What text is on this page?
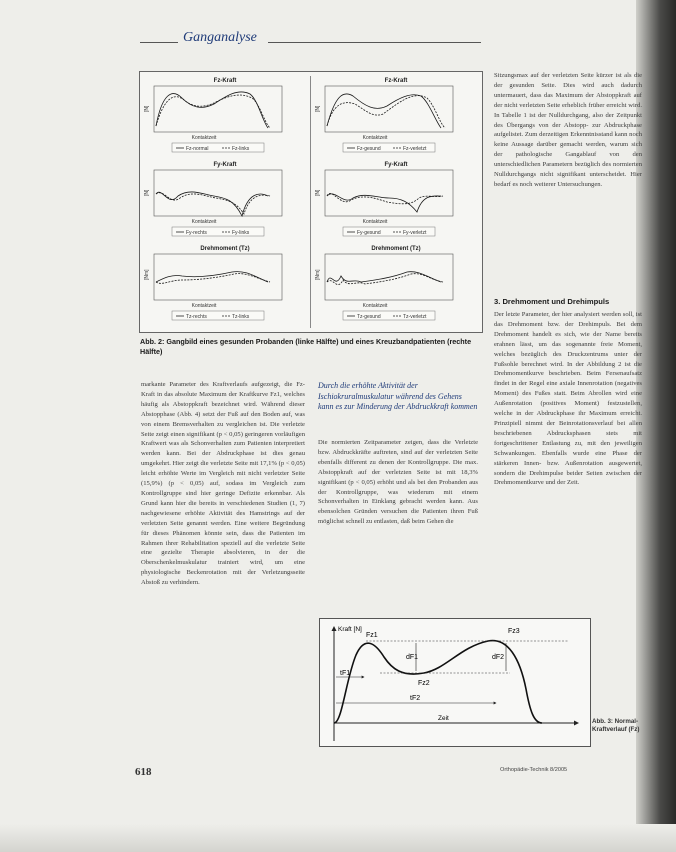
Ganganalyse
Fz-Kraft
[N]
Kontaktzeit
Fz-normal	Fz-links
Fz-Kraft
[N]
Kontaktzeit
Fz-gesund	Fz-verletzt
Fy-Kraft
[N]
Kontaktzeit
Fy-rechts	Fy-links
Fy-Kraft
[N]
Kontaktzeit
Fy-gesund	Fy-verletzt
Drehmoment (Tz)
[Nm]
Kontaktzeit
Tz-rechts	Tz-links
Drehmoment (Tz)
[Nm]
Kontaktzeit
Tz-gesund	Tz-verletzt
Abb. 2: Gangbild eines gesunden Probanden (linke Hälfte) und eines Kreuzbandpatienten (rechte Hälfte)
markante Parameter des Kraftverlaufs aufgezeigt, die Fz-Kraft in das absolute Maximum der Kraftkurve Fz1, welches häufig als Abstoppkraft bezeichnet wird. Während dieser Abstopphase (Abb. 4) setzt der Fuß auf den Boden auf, was von einem Bremsverhalten zu vergleichen ist. Die verletzte Seite zeigt einen signifikant (p < 0,05) geringeren vorläufigen Kraftwert was als Schonverhalten zum Patienten interpretiert werden kann. Bei der Abdruckphase ist dies genau umgekehrt. Hier zeigt die verletzte Seite mit 17,1% (p < 0,05) leicht erhöhte Werte im Vergleich mit nicht verletzter Seite (15,9%) (p < 0,05) auf, sodass im Vergleich zum Kontrollgruppe sind hier geringe Defizite erkennbar. Als Grund kann hier die bereits in verschiedenen Studien (1, 7) nachgewiesene erhöhte Aktivität des Hamstrings auf der verletzten Seite genannt werden. Eine weitere Begründung für dieses Phänomen könnte sein, dass die Patienten im Rahmen ihrer Rehabilitation speziell auf die verletzte Seite eine gezielte Therapie absolvieren, in der die Oberschenkelmuskulatur trainiert wird, um eine physiologische Beckenrotation mit der Verletzungsseite Abstoß zu verhindern.
Durch die erhöhte Aktivität der Ischiokruralmuskulatur während des Gehens kann es zur Minderung der Abdruckkraft kommen
Die normierten Zeitparameter zeigen, dass die Verletzte bzw. Abdruckkräfte auftreten, sind auf der verletzten Seite ebenfalls different zu denen der Kontrollgruppe. Die max. Abstoppkraft auf der verletzten Seite ist mit 18,3% signifikant (p < 0,05) erhöht und als bei den Probanden aus der Kontrollgruppe, was wiederum mit einem Schonverhalten in Einklang gebracht werden kann. Aus ebensolchen Gründen versuchen die Patienten ihren Fuß möglichst schnell zu entlasten, daß beim Gehen die
Sitzungsmax auf der verletzten Seite kürzer ist als die der gesunden Seite. Dies wird auch dadurch untermauert, dass das Maximum der Abstoppkraft auf der nicht verletzten Seite erheblich früher erreicht wird. In Tabelle 1 ist der Nulldurchgang, also der Zeitpunkt des Übergangs von der Abstopp- zur Abdruckphase aufgelistet. Zum derzeitigen Erkenntnisstand kann noch keine Aussage darüber gemacht werden, warum sich der pathologische Gangablauf von den unterschiedlichen Parametern bezüglich des normierten Nulldurchgangs nicht signifikant unterscheidet. Hier bedarf es noch weiterer Untersuchungen.
3. Drehmoment und Drehimpuls
Der letzte Parameter, der hier analysiert werden soll, ist das Drehmoment bzw. der Drehimpuls. Bei dem Drehmoment handelt es sich, wie der Name bereits erahnen lässt, um das sogenannte freie Moment, welches bezüglich des Druckzentrums unter der Fußsohle berechnet wird. In der Abbildung 2 ist die Drehmomentkurve beschrieben. Beim Fersenaufsatz findet in der Regel eine axiale Innenrotation (negatives Moment) des Fußes statt. Beim Abrollen wird eine Außenrotation (positives Moment) festzustellen, welche in der Abdruckphase ihr Maximum erreicht. Prinzipiell nimmt der Beinrotationsverlauf bei allen beschriebenen Abdrucksphasen stets mit fortgeschrittener Entlastung zu, mit den jeweiligen Schwankungen. Ebenfalls wurde eine Phase der stärkeren Innen- bzw. Außenrotation ausgewertet, sondern die Drehimpulse beider Seiten zwischen der Drehmomentkurve und der Zeit.
Kraft [N]
Zeit
Fz1
Fz3
Fz2
dF1	dF2
tF1
tF2
Abb. 3: Normal-Kraftverlauf (Fz)
618	Orthopädie-Technik 8/2005
